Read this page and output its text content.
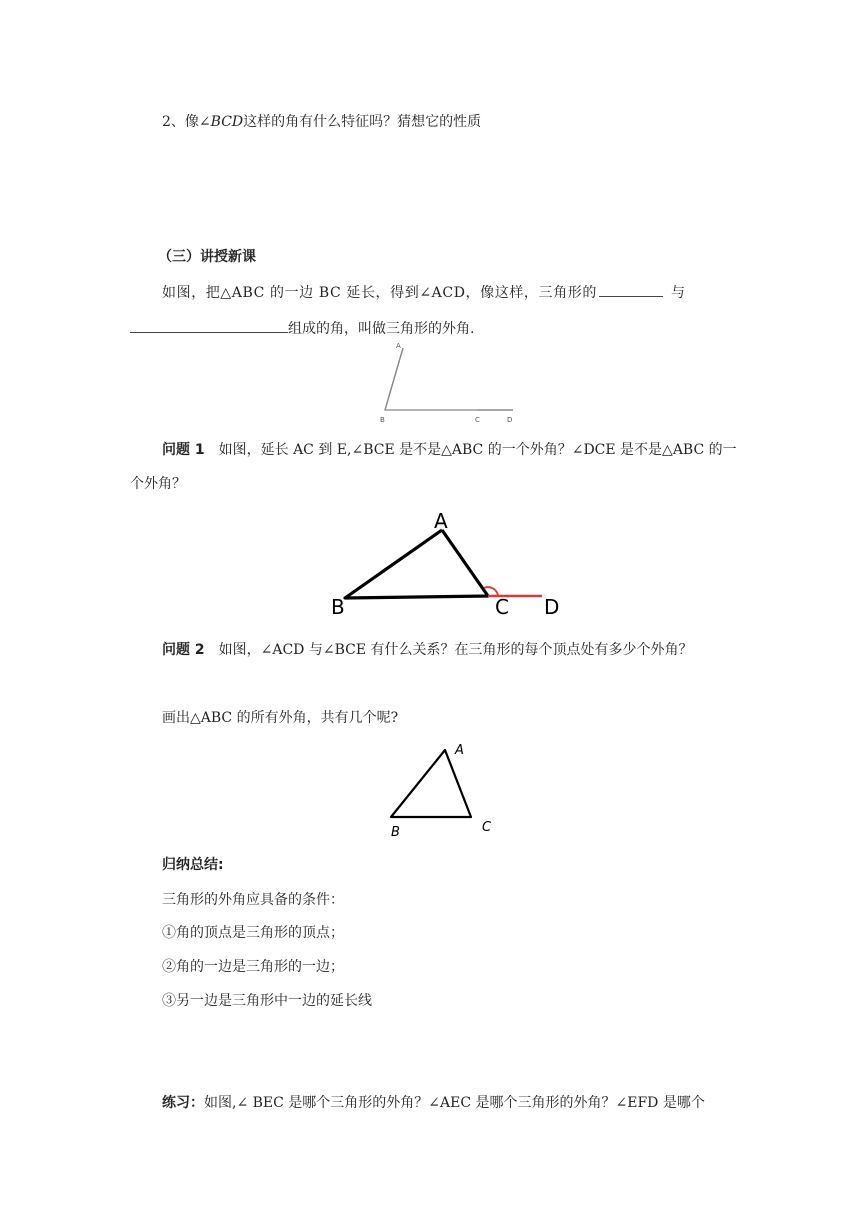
2、像∠BCD这样的角有什么特征吗？猜想它的性质
（三）讲授新课
如图，把△ABC 的一边 BC 延长，得到∠ACD，像这样，三角形的	与
组成的角，叫做三角形的外角.
A
B	C	D
问题 1 如图，延长 AC 到 E,∠BCE 是不是△ABC 的一个外角？∠DCE 是不是△ABC 的一
个外角？
A
B	C D
问题 2 如图，∠ACD 与∠BCE 有什么关系？在三角形的每个顶点处有多少个外角？
画出△ABC 的所有外角，共有几个呢?
A
B	C
归纳总结:
三角形的外角应具备的条件：
①角的顶点是三角形的顶点；
②角的一边是三角形的一边；
③另一边是三角形中一边的延长线
练习：如图,∠ BEC 是哪个三角形的外角？∠AEC 是哪个三角形的外角？∠EFD 是哪个
